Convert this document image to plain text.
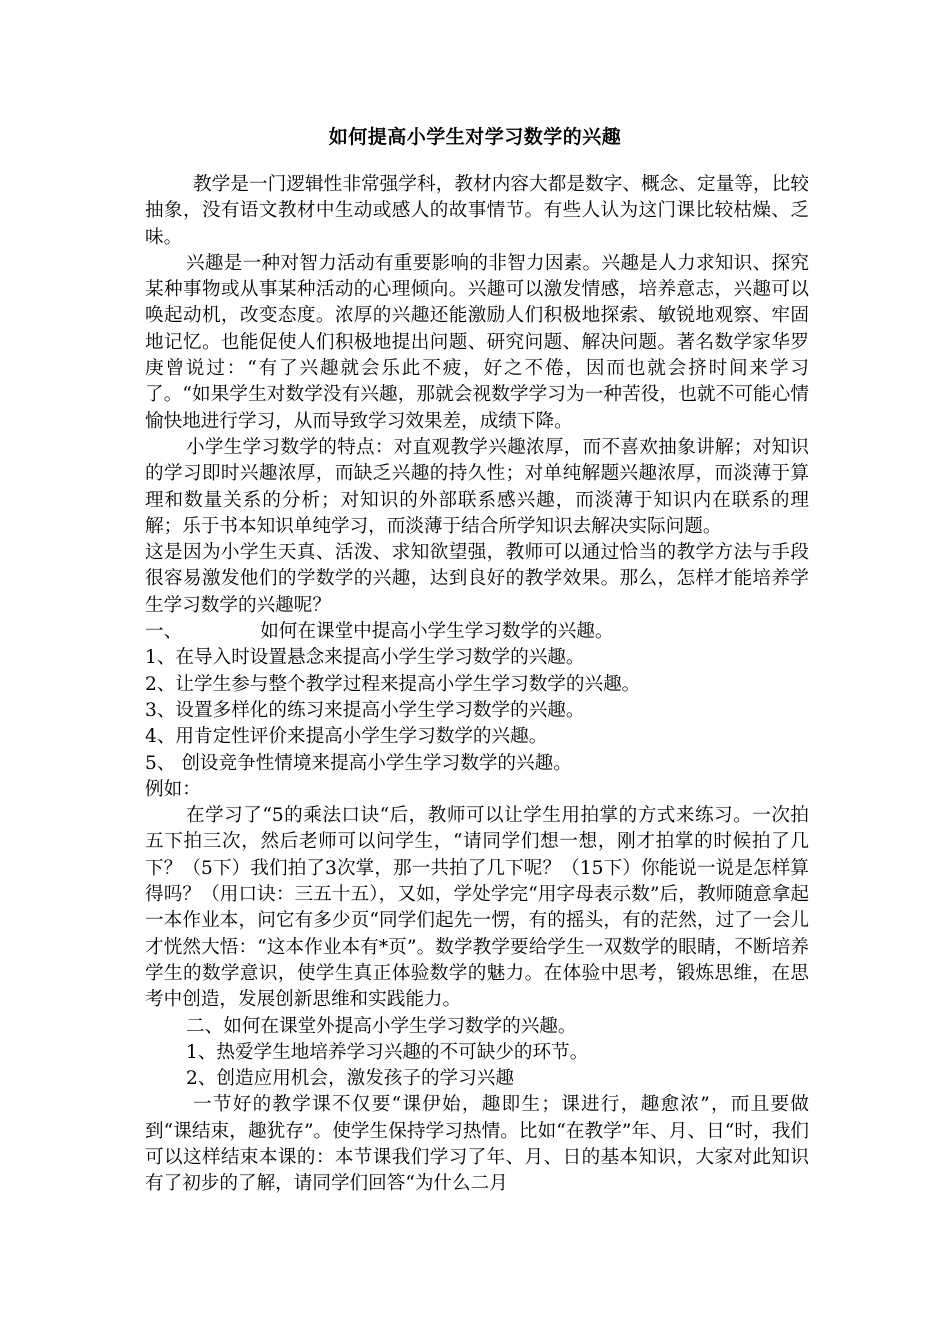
如何提高小学生对学习数学的兴趣

教学是一门逻辑性非常强学科，教材内容大都是数字、概念、定量等，比较抽象，没有语文教材中生动或感人的故事情节。有些人认为这门课比较枯燥、乏味。

兴趣是一种对智力活动有重要影响的非智力因素。兴趣是人力求知识、探究某种事物或从事某种活动的心理倾向。兴趣可以激发情感，培养意志，兴趣可以唤起动机，改变态度。浓厚的兴趣还能激励人们积极地探索、敏锐地观察、牢固地记忆。也能促使人们积极地提出问题、研究问题、解决问题。著名数学家华罗庚曾说过：“有了兴趣就会乐此不疲，好之不倦，因而也就会挤时间来学习了。“如果学生对数学没有兴趣，那就会视数学学习为一种苦役，也就不可能心情愉快地进行学习，从而导致学习效果差，成绩下降。

小学生学习数学的特点：对直观教学兴趣浓厚，而不喜欢抽象讲解；对知识的学习即时兴趣浓厚，而缺乏兴趣的持久性；对单纯解题兴趣浓厚，而淡薄于算理和数量关系的分析；对知识的外部联系感兴趣，而淡薄于知识内在联系的理解；乐于书本知识单纯学习，而淡薄于结合所学知识去解决实际问题。

这是因为小学生天真、活泼、求知欲望强，教师可以通过恰当的教学方法与手段很容易激发他们的学数学的兴趣，达到良好的教学效果。那么，怎样才能培养学生学习数学的兴趣呢？

一、	如何在课堂中提高小学生学习数学的兴趣。

1、在导入时设置悬念来提高小学生学习数学的兴趣。

2、让学生参与整个教学过程来提高小学生学习数学的兴趣。

3、设置多样化的练习来提高小学生学习数学的兴趣。

4、用肯定性评价来提高小学生学习数学的兴趣。

5、 创设竞争性情境来提高小学生学习数学的兴趣。

例如：

在学习了“5的乘法口诀“后，教师可以让学生用拍掌的方式来练习。一次拍五下拍三次，然后老师可以问学生，“请同学们想一想，刚才拍掌的时候拍了几下？（5下）我们拍了3次掌，那一共拍了几下呢？（15下）你能说一说是怎样算得吗？（用口诀：三五十五），又如，学处学完“用字母表示数”后，教师随意拿起一本作业本，问它有多少页“同学们起先一愣，有的摇头，有的茫然，过了一会儿才恍然大悟：“这本作业本有*页”。数学教学要给学生一双数学的眼睛，不断培养学生的数学意识，使学生真正体验数学的魅力。在体验中思考，锻炼思维，在思考中创造，发展创新思维和实践能力。

二、如何在课堂外提高小学生学习数学的兴趣。

1、热爱学生地培养学习兴趣的不可缺少的环节。

2、创造应用机会，激发孩子的学习兴趣

一节好的教学课不仅要“课伊始，趣即生；课进行，趣愈浓”，而且要做到“课结束，趣犹存”。使学生保持学习热情。比如“在教学”年、月、日“时，我们可以这样结束本课的：本节课我们学习了年、月、日的基本知识，大家对此知识有了初步的了解，请同学们回答“为什么二月
